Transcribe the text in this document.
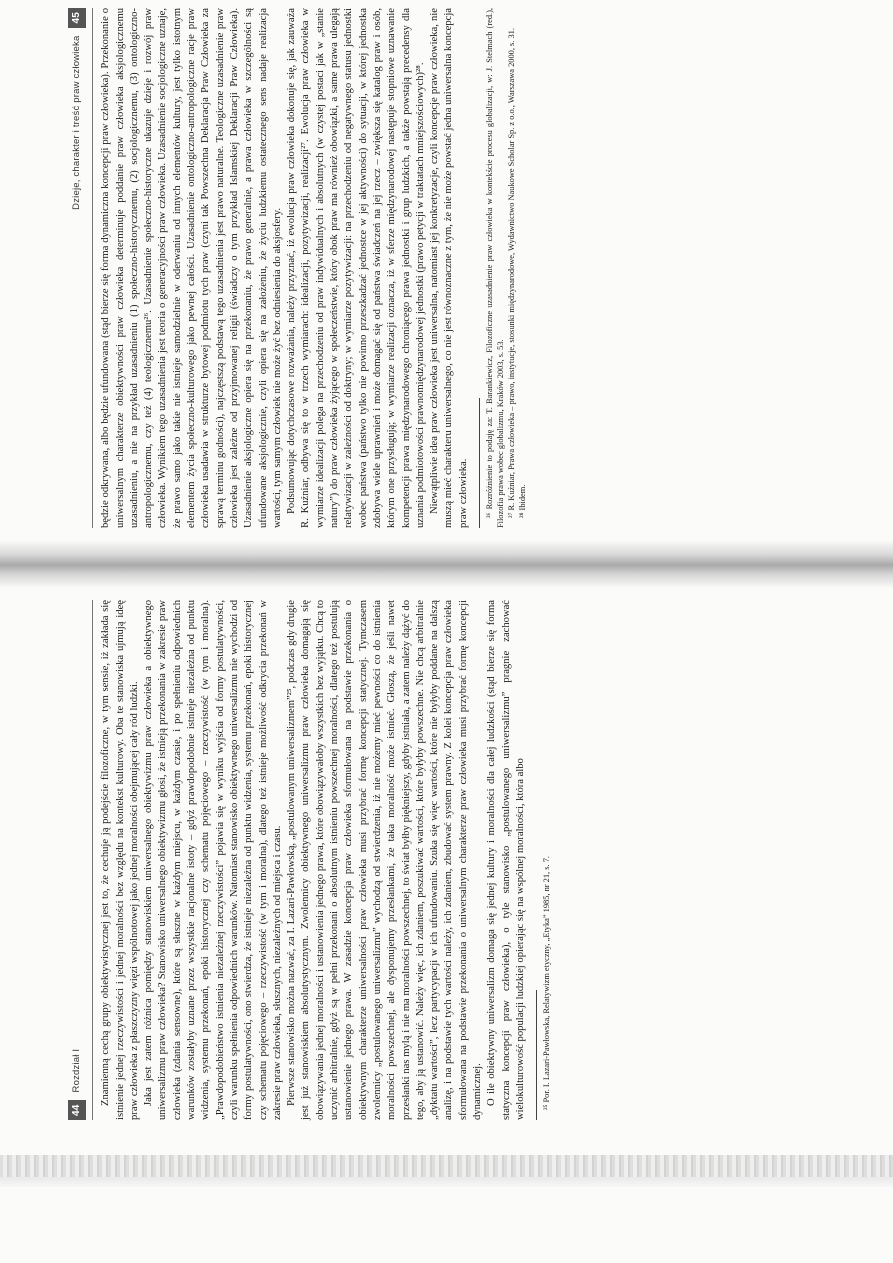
44
Rozdział I Znamienną cechą grupy obiektywistycznej jest to, że cechuje ją podejście filozoficzne, w tym sensie, iż zakłada się istnienie jednej rzeczywistości i jednej moralności bez względu na kontekst kulturowy. Oba te stanowiska ujmują ideę praw człowieka z płaszczyzny więzi wspólnotowej jako jednej moralności obejmującej cały ród ludzki. Jaka jest zatem różnica pomiędzy stanowiskiem uniwersalnego obiektywizmu praw człowieka a obiektywnego uniwersalizmu praw człowieka? Stanowisko uniwersalnego obiektywizmu głosi, że istnieją przekonania w zakresie praw człowieka (zdania sensowne), które są słuszne w każdym miejscu, w każdym czasie, i po spełnieniu odpowiednich warunków zostałyby uznane przez wszystkie racjonalne istoty – gdyż prawdopodobnie istnieje niezależna od punktu widzenia, systemu przekonań, epoki historycznej czy schematu pojęciowego – rzeczywistość (w tym i moralna). „Prawdopodobieństwo istnienia niezależnej rzeczywistości” pojawia się w wyniku wyjścia od formy postulatywności, czyli warunku spełnienia odpowiednich warunków. Natomiast stanowisko obiektywnego uniwersalizmu nie wychodzi od formy postulatywności, ono stwierdza, że istnieje niezależna od punktu widzenia, systemu przekonań, epoki historycznej czy schematu pojęciowego – rzeczywistość (w tym i moralna), dlatego też istnieje możliwość odkrycia przekonań w zakresie praw człowieka, słusznych, niezależnych od miejsca i czasu. Pierwsze stanowisko można nazwać, za I. Lazari-Pawłowską, „postulowanym uniwersalizmem”²⁵, podczas gdy drugie jest już stanowiskiem absolutystycznym. Zwolennicy obiektywnego uniwersalizmu praw człowieka domagają się obowiązywania jednej moralności i ustanowienia jednego prawa, które obowiązywałoby wszystkich bez wyjątku. Chcą to uczynić arbitralnie, gdyż są w pełni przekonani o absolutnym istnieniu powszechnej moralności, dlatego też postulują ustanowienie jednego prawa. W zasadzie koncepcja praw człowieka sformułowana na podstawie przekonania o obiektywnym charakterze uniwersalności praw człowieka musi przybrać formę koncepcji statycznej. Tymczasem zwolennicy „postulowanego uniwersalizmu” wychodzą od stwierdzenia, iż nie możemy mieć pewności co do istnienia moralności powszechnej, ale dysponujemy przesłankami, że taka moralność może istnieć. Głoszą, że jeśli nawet przesłanki nas mylą i nie ma moralności powszechnej, to świat byłby piękniejszy, gdyby istniała, a zatem należy dążyć do tego, aby ją ustanowić. Należy więc, ich zdaniem, poszukiwać wartości, które byłyby powszechne. Nie chcą arbitralnie „dyktatu wartości”, lecz partycypacji w ich ufundowaniu. Szuka się więc wartości, które nie byłyby poddane na dalszą analizę, i na podstawie tych wartości należy, ich zdaniem, zbudować system prawny. Z kolei koncepcja praw człowieka sformułowana na podstawie przekonania o uniwersalnym charakterze praw człowieka musi przybrać formę koncepcji dynamicznej. O ile obiektywny uniwersalizm domaga się jednej kultury i moralności dla całej ludzkości (stąd bierze się forma statyczna koncepcji praw człowieka), o tyle stanowisko „postulowanego uniwersalizmu” pragnie zachować wielokulturowość populacji ludzkiej opierając się na wspólnej moralności, która albo ²⁵ Por. I. Lazari-Pawłowska, Relatywizm etyczny, „Etyka” 1985, nr 21, s. 7.

Dzieje, charakter i treść praw człowieka
45	będzie odkrywana, albo będzie ufundowana (stąd bierze się forma dynamiczna koncepcji praw człowieka). Przekonanie o uniwersalnym charakterze obiektywności praw człowieka determinuje poddanie praw człowieka aksjologicznemu uzasadnieniu, a nie na przykład uzasadnieniu (1) społeczno-historycznemu, (2) socjologicznemu, (3) ontologiczno-antropologicznemu, czy też (4) teologicznemu²⁶. Uzasadnienie społeczno-historyczne ukazuje dzieje i rozwój praw człowieka. Wynikiem tego uzasadnienia jest teoria o generacyjności praw człowieka. Uzasadnienie socjologiczne uznaje, że prawo samo jako takie nie istnieje samodzielnie w oderwaniu od innych elementów kultury, jest tylko istotnym elementem życia społeczno-kulturowego jako pewnej całości. Uzasadnienie ontologiczno-antropologiczne racje praw człowieka usadawia w strukturze bytowej podmiotu tych praw (czyni tak Powszechna Deklaracja Praw Człowieka za sprawą terminu godności), najczęstszą podstawą tego uzasadnienia jest prawo naturalne. Teologiczne uzasadnienie praw człowieka jest zależne od przyjmowanej religii (świadczy o tym przykład Islamskiej Deklaracji Praw Człowieka). Uzasadnienie aksjologiczne opiera się na przekonaniu, że prawo generalnie, a prawa człowieka w szczególności są ufundowane aksjologicznie, czyli opiera się na założeniu, że życiu ludzkiemu ostatecznego sens nadaje realizacja wartości, tym samym człowiek nie może żyć bez odniesienia do aksjosfery. Podsumowując dotychczasowe rozważania, należy przyznać, iż ewolucja praw człowieka dokonuje się, jak zauważa R. Kuźniar, odbywa się to w trzech wymiarach: idealizacji, pozytywizacji, realizacji²⁷. Ewolucja praw człowieka w wymiarze idealizacji polega na przechodzeniu od praw indywidualnych i absolutnych (w czystej postaci jak w „stanie natury”) do praw człowieka żyjącego w społeczeństwie, który obok praw ma również obowiązki, a same prawa ulegają relatywizacji w zależności od doktryny; w wymiarze pozytywizacji: na przechodzeniu od negatywnego statusu jednostki wobec państwa (państwo tylko nie powinno przeszkadzać jednostce w jej aktywności) do sytuacji, w której jednostka zdobywa wiele uprawnień i może domagać się od państwa świadczeń na jej rzecz – zwiększa się katalog praw i osób, którym one przysługują; w wymiarze realizacji oznacza, iż w sferze międzynarodowej następuje stopniowe uznawanie kompetencji prawa międzynarodowego chroniącego prawa jednostki i grup ludzkich, a także powstają precedensy dla uznania podmiotowości prawnomiędzynarodowej jednostki (prawo petycji w traktatach mniejszościowych)²⁸. Niewątpliwie idea praw człowieka jest uniwersalna, natomiast jej konkretyzacje, czyli koncepcje praw człowieka, nie muszą mieć charakteru uniwersalnego, co nie jest równoznaczne z tym, że nie może powstać jedna uniwersalna koncepcja praw człowieka. ²⁶ Rozróżnienie to podaję za: T. Barankiewicz, Filozoficzne uzasadnienie praw człowieka w kontekście procesu globalizacji, w: J. Stelmach (red.), Filozofia prawa wobec globalizmu, Kraków 2003, s. 53. ²⁷ R. Kuźniar, Prawa człowieka – prawo, instytucje, stosunki międzynarodowe, Wydawnictwo Naukowe Scholar Sp. z o.o., Warszawa 2000, s. 31. ²⁸ Ibidem.
